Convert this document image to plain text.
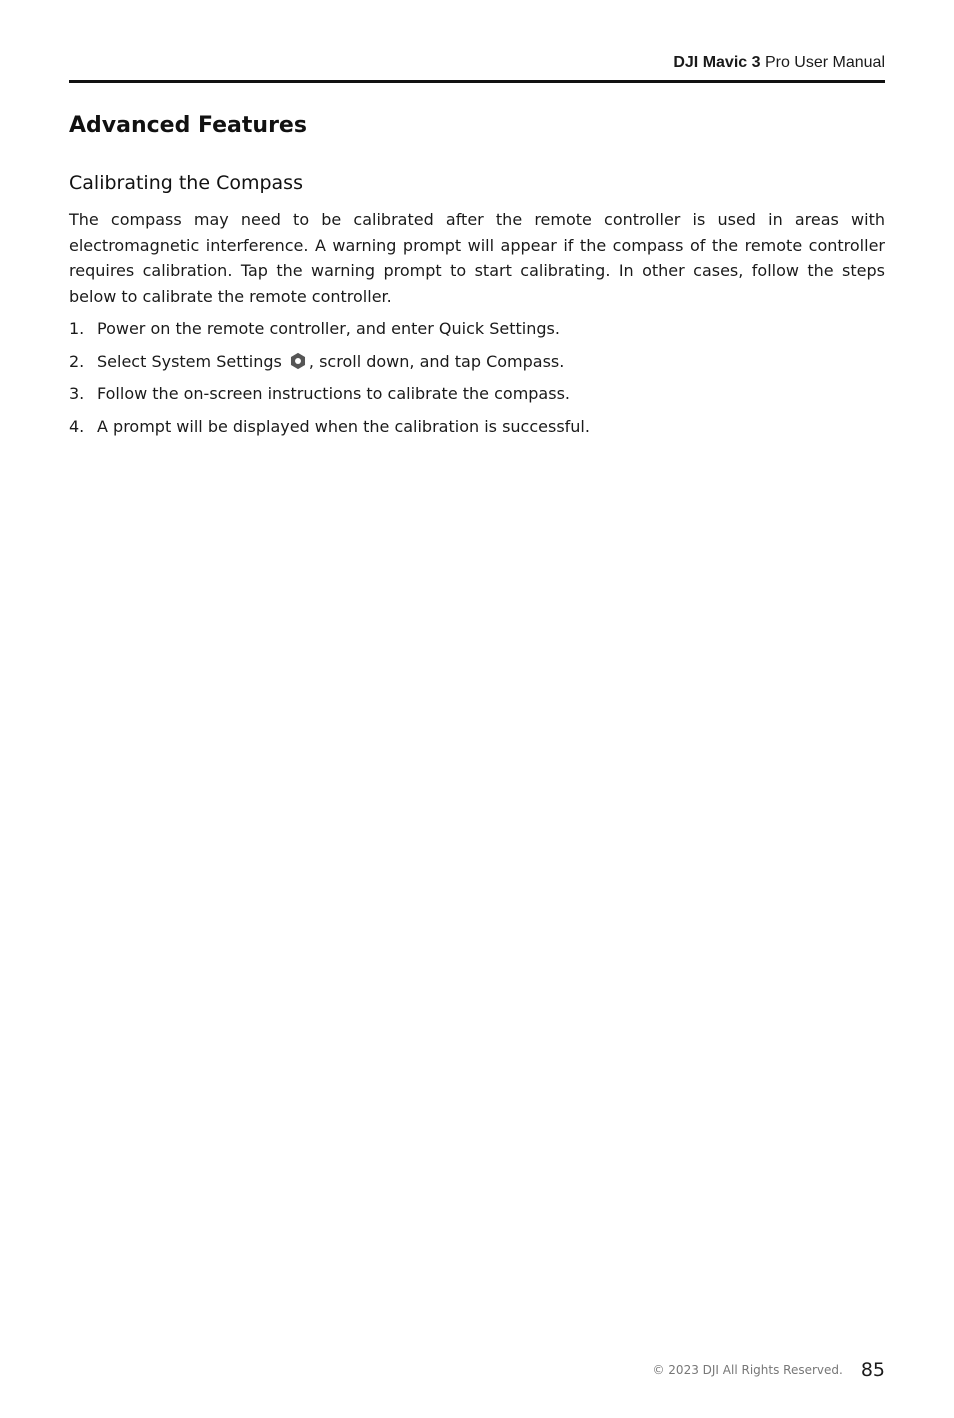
DJI Mavic 3 Pro User Manual
Advanced Features
Calibrating the Compass

The compass may need to be calibrated after the remote controller is used in areas with electromagnetic interference. A warning prompt will appear if the compass of the remote controller requires calibration. Tap the warning prompt to start calibrating. In other cases, follow the steps below to calibrate the remote controller.

1. Power on the remote controller, and enter Quick Settings.
2. Select System Settings , scroll down, and tap Compass.
3. Follow the on-screen instructions to calibrate the compass.
4. A prompt will be displayed when the calibration is successful.
© 2023 DJI All Rights Reserved. 85
